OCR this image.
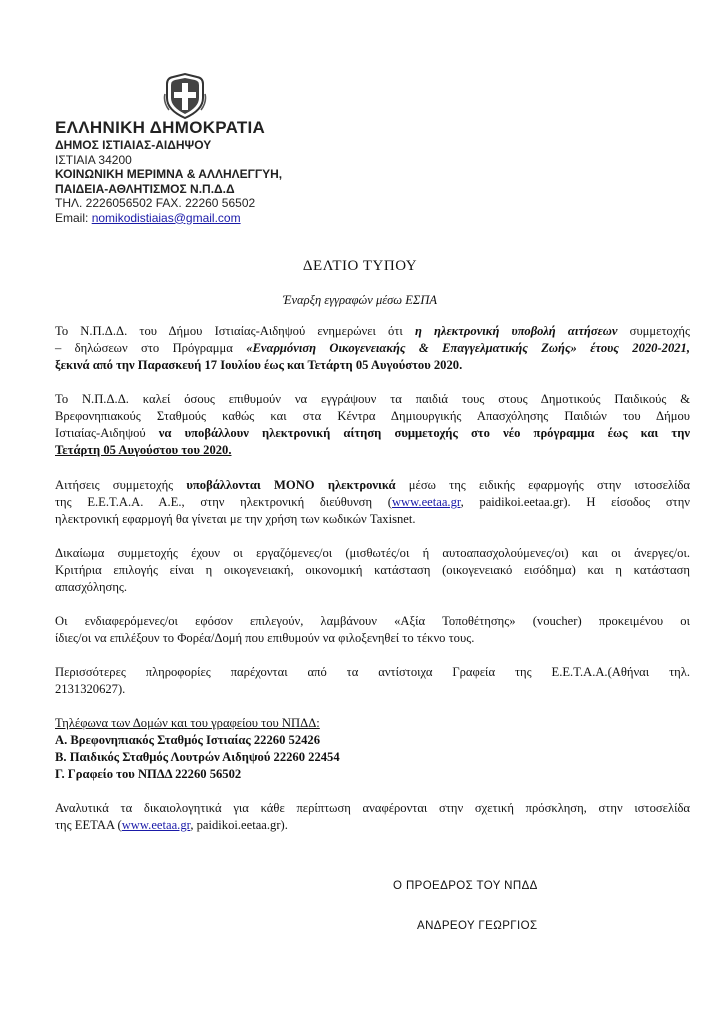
ΕΛΛΗΝΙΚΗ ΔΗΜΟΚΡΑΤΙΑ
ΔΗΜΟΣ ΙΣΤΙΑΙΑΣ-ΑΙΔΗΨΟΥ
ΙΣΤΙΑΙΑ 34200
ΚΟΙΝΩΝΙΚΗ ΜΕΡΙΜΝΑ & ΑΛΛΗΛΕΓΓΥΗ,
ΠΑΙΔΕΙΑ-ΑΘΛΗΤΙΣΜΟΣ Ν.Π.Δ.Δ
ΤΗΛ. 2226056502 FAX. 22260 56502
Email: nomikodistiaias@gmail.com
ΔΕΛΤΙΟ ΤΥΠΟΥ
Έναρξη εγγραφών μέσω ΕΣΠΑ
Το Ν.Π.Δ.Δ. του Δήμου Ιστιαίας-Αιδηψού ενημερώνει ότι η ηλεκτρονική υποβολή αιτήσεων συμμετοχής
– δηλώσεων στο Πρόγραμμα «Εναρμόνιση Οικογενειακής & Επαγγελματικής Ζωής» έτους 2020-2021,
ξεκινά από την Παρασκευή 17 Ιουλίου έως και Τετάρτη 05 Αυγούστου 2020.
Το Ν.Π.Δ.Δ. καλεί όσους επιθυμούν να εγγράψουν τα παιδιά τους στους Δημοτικούς Παιδικούς &
Βρεφονηπιακούς Σταθμούς καθώς και στα Κέντρα Δημιουργικής Απασχόλησης Παιδιών του Δήμου
Ιστιαίας-Αιδηψού να υποβάλλουν ηλεκτρονική αίτηση συμμετοχής στο νέο πρόγραμμα έως και την
Τετάρτη 05 Αυγούστου του 2020.
Αιτήσεις συμμετοχής υποβάλλονται ΜΟΝΟ ηλεκτρονικά μέσω της ειδικής εφαρμογής στην ιστοσελίδα
της Ε.Ε.Τ.Α.Α. Α.Ε., στην ηλεκτρονική διεύθυνση (www.eetaa.gr, paidikoi.eetaa.gr). Η είσοδος στην
ηλεκτρονική εφαρμογή θα γίνεται με την χρήση των κωδικών Taxisnet.
Δικαίωμα συμμετοχής έχουν οι εργαζόμενες/οι (μισθωτές/οι ή αυτοαπασχολούμενες/οι) και οι άνεργες/οι.
Κριτήρια επιλογής είναι η οικογενειακή, οικονομική κατάσταση (οικογενειακό εισόδημα) και η κατάσταση
απασχόλησης.
Οι ενδιαφερόμενες/οι εφόσον επιλεγούν, λαμβάνουν «Αξία Τοποθέτησης» (voucher) προκειμένου οι
ίδιες/οι να επιλέξουν το Φορέα/Δομή που επιθυμούν να φιλοξενηθεί το τέκνο τους.
Περισσότερες πληροφορίες παρέχονται από τα αντίστοιχα Γραφεία της Ε.Ε.Τ.Α.Α.(Αθήναι τηλ.
2131320627).
Τηλέφωνα των Δομών και του γραφείου του ΝΠΔΔ:
Α. Βρεφονηπιακός Σταθμός Ιστιαίας 22260 52426
Β. Παιδικός Σταθμός Λουτρών Αιδηψού 22260 22454
Γ. Γραφείο του ΝΠΔΔ 22260 56502
Αναλυτικά τα δικαιολογητικά για κάθε περίπτωση αναφέρονται στην σχετική πρόσκληση, στην ιστοσελίδα
της ΕΕΤΑΑ (www.eetaa.gr, paidikoi.eetaa.gr).
Ο ΠΡΟΕΔΡΟΣ ΤΟΥ ΝΠΔΔ
ΑΝΔΡΕΟΥ ΓΕΩΡΓΙΟΣ
